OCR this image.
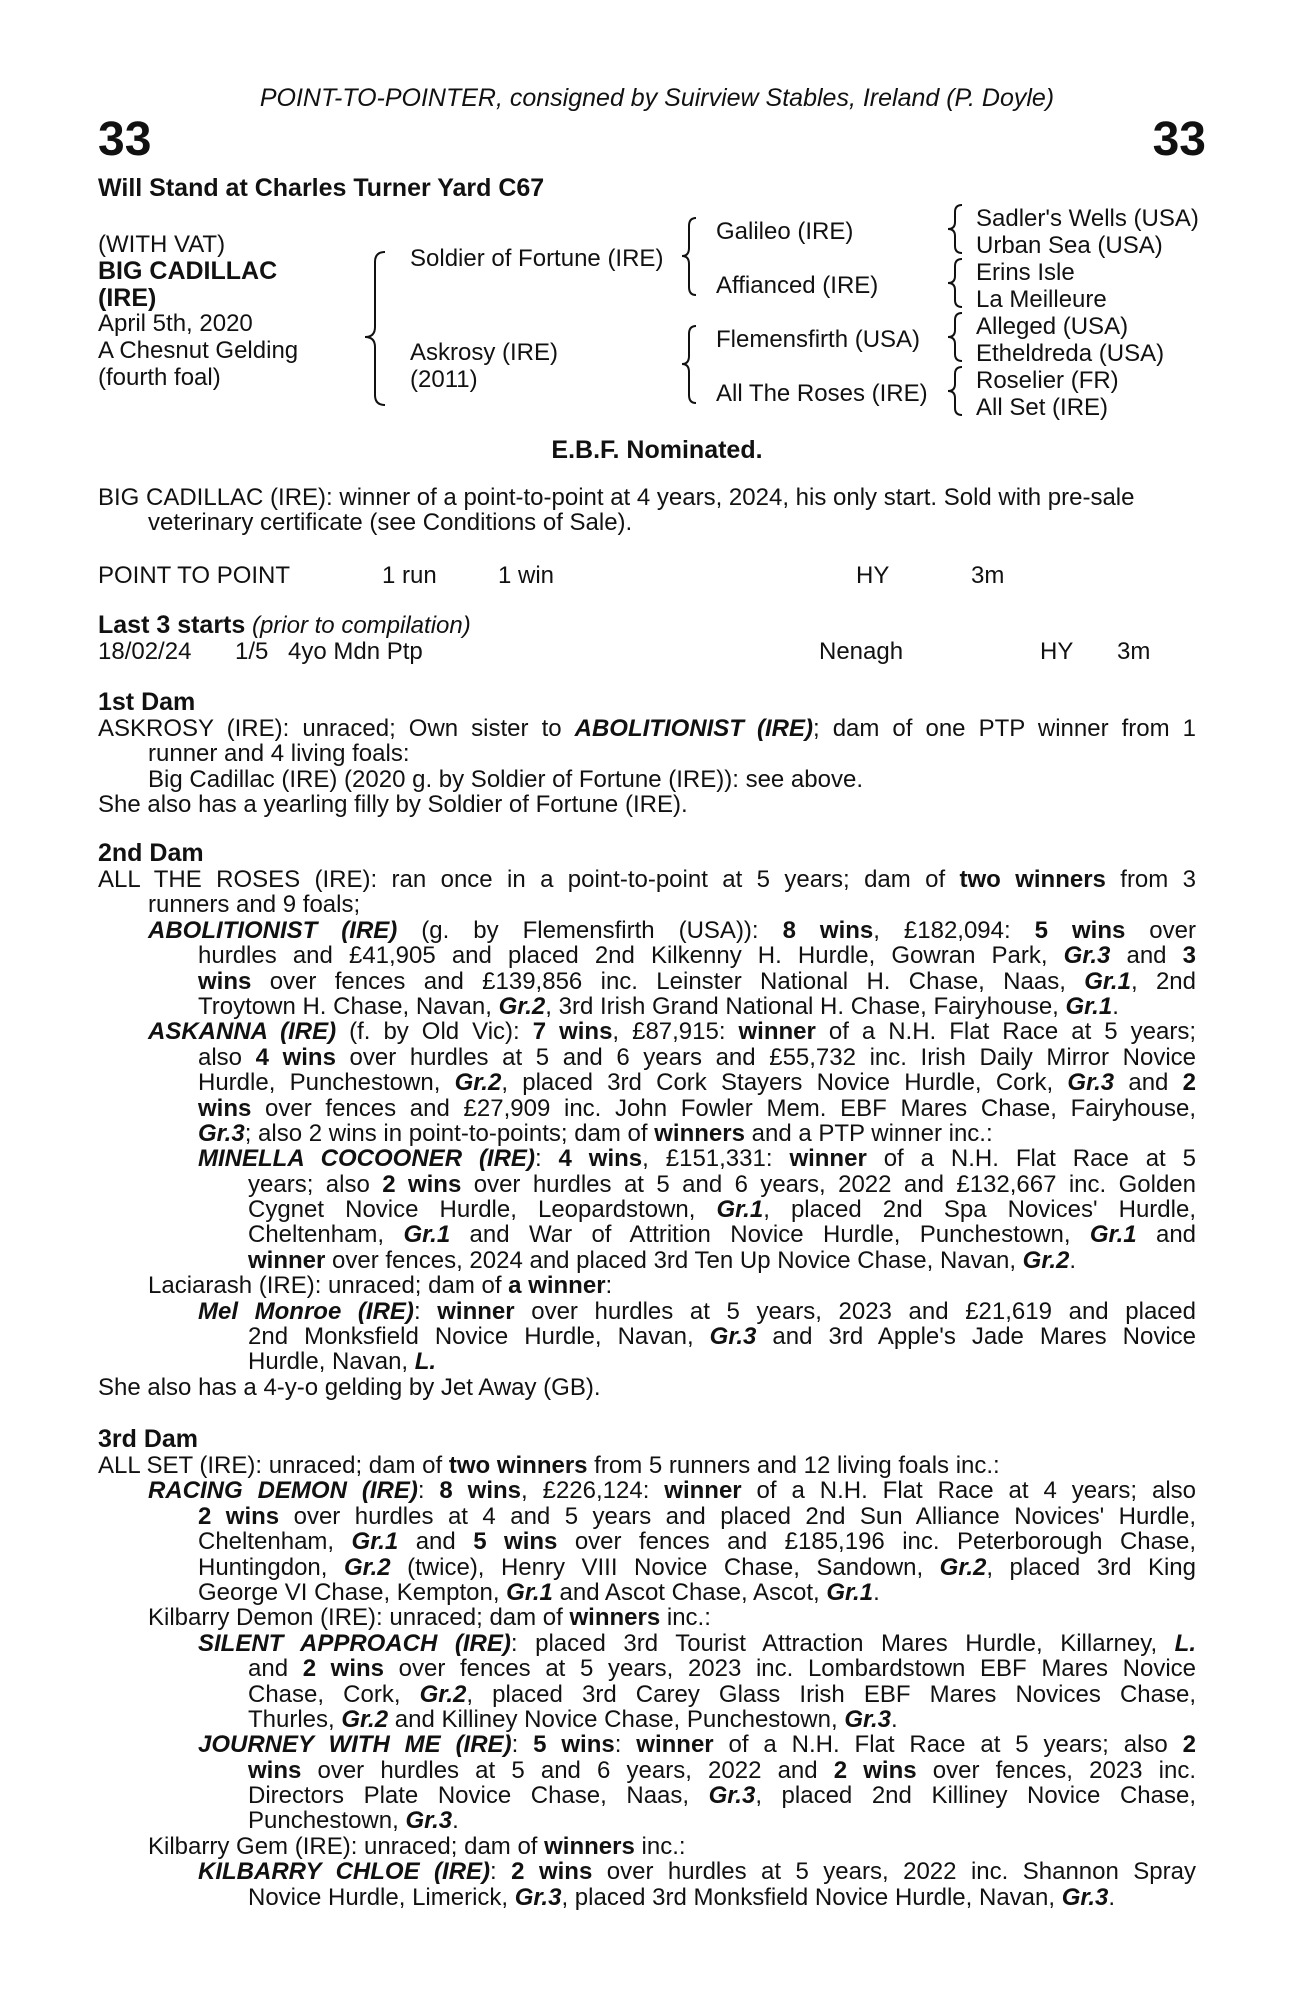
POINT-TO-POINTER, consigned by Suirview Stables, Ireland (P. Doyle)
33	33
Will Stand at Charles Turner Yard C67
(WITH VAT)
BIG CADILLAC
(IRE)
April 5th, 2020
A Chesnut Gelding
(fourth foal)
Soldier of Fortune (IRE)
Askrosy (IRE)
(2011)
Galileo (IRE)
Affianced (IRE)
Flemensfirth (USA)
All The Roses (IRE)
Sadler's Wells (USA)
Urban Sea (USA)
Erins Isle
La Meilleure
Alleged (USA)
Etheldreda (USA)
Roselier (FR)
All Set (IRE)
E.B.F. Nominated.
BIG CADILLAC (IRE): winner of a point-to-point at 4 years, 2024, his only start. Sold with pre-sale
veterinary certificate (see Conditions of Sale).
POINT TO POINT	1 run	1 win	HY	3m
Last 3 starts (prior to compilation)
18/02/24 1/5 4yo Mdn Ptp	Nenagh	HY 3m
1st Dam
ASKROSY (IRE): unraced; Own sister to ABOLITIONIST (IRE); dam of one PTP winner from 1
runner and 4 living foals:
Big Cadillac (IRE) (2020 g. by Soldier of Fortune (IRE)): see above.
She also has a yearling filly by Soldier of Fortune (IRE).
2nd Dam
ALL THE ROSES (IRE): ran once in a point-to-point at 5 years; dam of two winners from 3
runners and 9 foals;
ABOLITIONIST (IRE) (g. by Flemensfirth (USA)): 8 wins, £182,094: 5 wins over
hurdles and £41,905 and placed 2nd Kilkenny H. Hurdle, Gowran Park, Gr.3 and 3
wins over fences and £139,856 inc. Leinster National H. Chase, Naas, Gr.1, 2nd
Troytown H. Chase, Navan, Gr.2, 3rd Irish Grand National H. Chase, Fairyhouse, Gr.1.
ASKANNA (IRE) (f. by Old Vic): 7 wins, £87,915: winner of a N.H. Flat Race at 5 years;
also 4 wins over hurdles at 5 and 6 years and £55,732 inc. Irish Daily Mirror Novice
Hurdle, Punchestown, Gr.2, placed 3rd Cork Stayers Novice Hurdle, Cork, Gr.3 and 2
wins over fences and £27,909 inc. John Fowler Mem. EBF Mares Chase, Fairyhouse,
Gr.3; also 2 wins in point-to-points; dam of winners and a PTP winner inc.:
MINELLA COCOONER (IRE): 4 wins, £151,331: winner of a N.H. Flat Race at 5
years; also 2 wins over hurdles at 5 and 6 years, 2022 and £132,667 inc. Golden
Cygnet Novice Hurdle, Leopardstown, Gr.1, placed 2nd Spa Novices' Hurdle,
Cheltenham, Gr.1 and War of Attrition Novice Hurdle, Punchestown, Gr.1 and
winner over fences, 2024 and placed 3rd Ten Up Novice Chase, Navan, Gr.2.
Laciarash (IRE): unraced; dam of a winner:
Mel Monroe (IRE): winner over hurdles at 5 years, 2023 and £21,619 and placed
2nd Monksfield Novice Hurdle, Navan, Gr.3 and 3rd Apple's Jade Mares Novice
Hurdle, Navan, L.
She also has a 4-y-o gelding by Jet Away (GB).
3rd Dam
ALL SET (IRE): unraced; dam of two winners from 5 runners and 12 living foals inc.:
RACING DEMON (IRE): 8 wins, £226,124: winner of a N.H. Flat Race at 4 years; also
2 wins over hurdles at 4 and 5 years and placed 2nd Sun Alliance Novices' Hurdle,
Cheltenham, Gr.1 and 5 wins over fences and £185,196 inc. Peterborough Chase,
Huntingdon, Gr.2 (twice), Henry VIII Novice Chase, Sandown, Gr.2, placed 3rd King
George VI Chase, Kempton, Gr.1 and Ascot Chase, Ascot, Gr.1.
Kilbarry Demon (IRE): unraced; dam of winners inc.:
SILENT APPROACH (IRE): placed 3rd Tourist Attraction Mares Hurdle, Killarney, L.
and 2 wins over fences at 5 years, 2023 inc. Lombardstown EBF Mares Novice
Chase, Cork, Gr.2, placed 3rd Carey Glass Irish EBF Mares Novices Chase,
Thurles, Gr.2 and Killiney Novice Chase, Punchestown, Gr.3.
JOURNEY WITH ME (IRE): 5 wins: winner of a N.H. Flat Race at 5 years; also 2
wins over hurdles at 5 and 6 years, 2022 and 2 wins over fences, 2023 inc.
Directors Plate Novice Chase, Naas, Gr.3, placed 2nd Killiney Novice Chase,
Punchestown, Gr.3.
Kilbarry Gem (IRE): unraced; dam of winners inc.:
KILBARRY CHLOE (IRE): 2 wins over hurdles at 5 years, 2022 inc. Shannon Spray
Novice Hurdle, Limerick, Gr.3, placed 3rd Monksfield Novice Hurdle, Navan, Gr.3.
